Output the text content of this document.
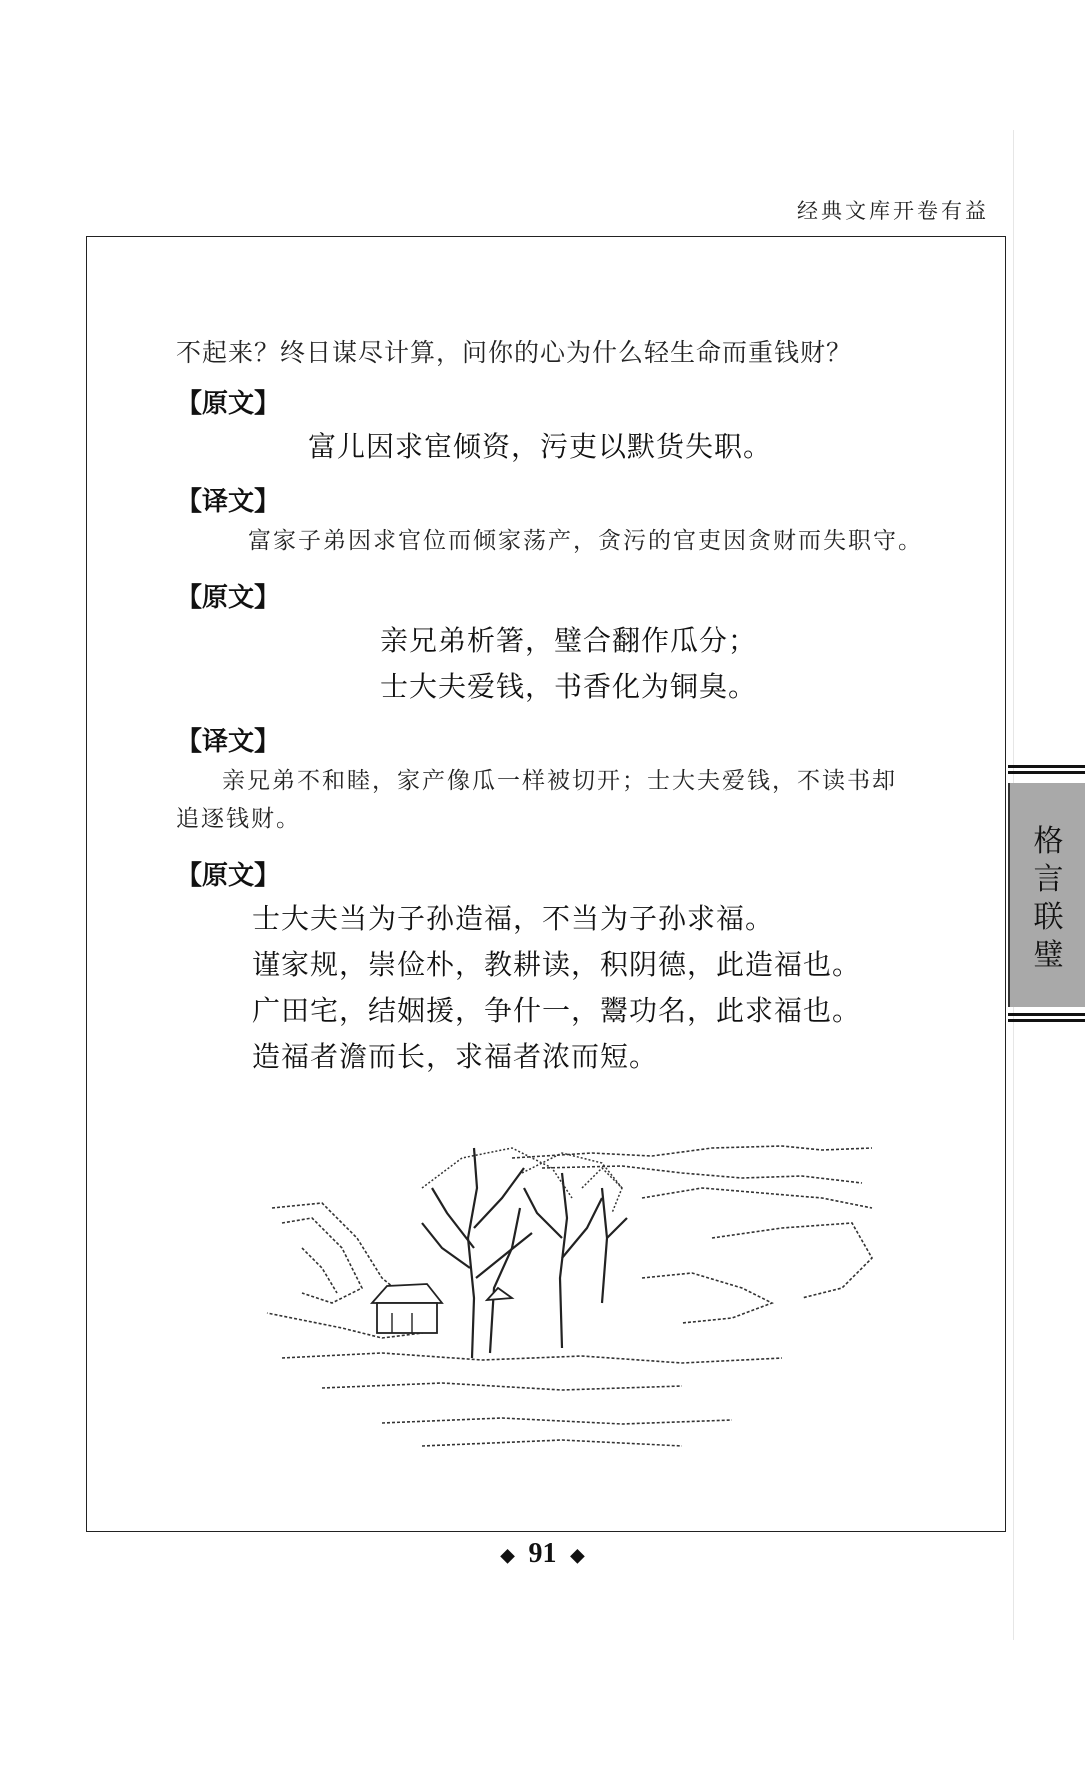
经典文库开卷有益
不起来？终日谋尽计算，问你的心为什么轻生命而重钱财？
【原文】
富儿因求宦倾资，污吏以默货失职。
【译文】
富家子弟因求官位而倾家荡产，贪污的官吏因贪财而失职守。
【原文】
亲兄弟析箸，璧合翻作瓜分；
士大夫爱钱，书香化为铜臭。
【译文】
亲兄弟不和睦，家产像瓜一样被切开；士大夫爱钱，不读书却
追逐钱财。
【原文】
士大夫当为子孙造福，不当为子孙求福。
谨家规，崇俭朴，教耕读，积阴德，此造福也。
广田宅，结姻援，争什一，鬻功名，此求福也。
造福者澹而长，求福者浓而短。
格
言
联
璧
◆ 91 ◆
